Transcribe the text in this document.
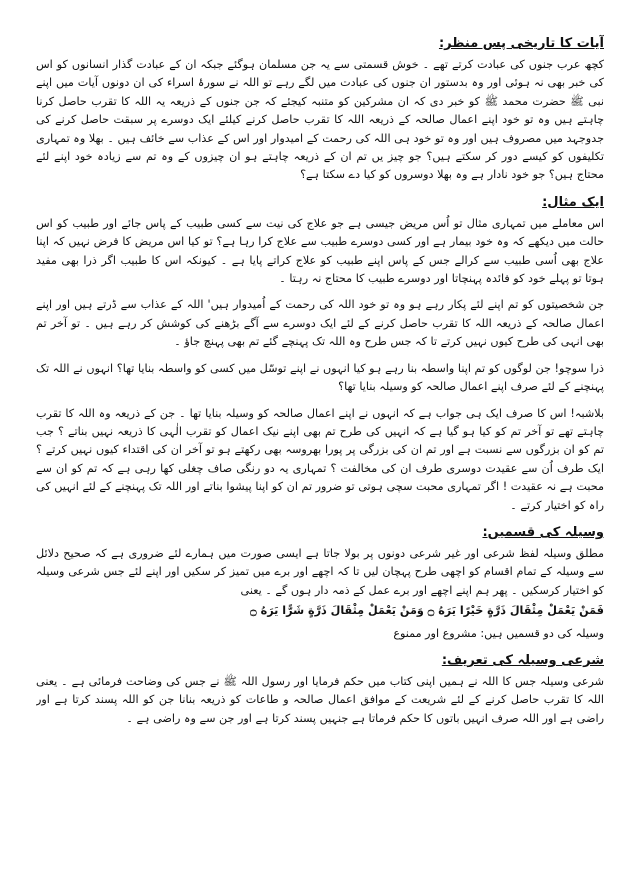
آیات کا تاریخی پس منظر:

کچھ عرب جنوں کی عبادت کرتے تھے ۔ خوش قسمتی سے یہ جن مسلمان ہوگئے جبکہ ان کے عبادت گذار انسانوں کو اس کی خبر بھی نہ ہوئی اور وہ بدستور ان جنوں کی عبادت میں لگے رہے تو اللہ نے سورۂ اسراء کی ان دونوں آیات میں اپنے نبی ﷺ حضرت محمد ﷺ کو خبر دی کہ ان مشرکین کو متنبہ کیجئے کہ جن جنوں کے ذریعہ یہ اللہ کا تقرب حاصل کرنا چاہتے ہیں وہ تو خود اپنے اعمال صالحہ کے ذریعہ اللہ کا تقرب حاصل کرنے کیلئے ایک دوسرے پر سبقت حاصل کرنے کی جدوجہد میں مصروف ہیں اور وہ تو خود ہی اللہ کی رحمت کے امیدوار اور اس کے عذاب سے خائف ہیں ۔ بھلا وہ تمہاری تکلیفوں کو کیسے دور کر سکتے ہیں؟ جو چیز یں تم ان کے ذریعہ چاہتے ہو ان چیزوں کے وہ تم سے زیادہ خود اپنے لئے محتاج ہیں؟ جو خود نادار ہے وہ بھلا دوسروں کو کیا دے سکتا ہے؟

ایک مثال:

اس معاملے میں تمہاری مثال تو اُس مریض جیسی ہے جو علاج کی نیت سے کسی طبیب کے پاس جائے اور طبیب کو اس حالت میں دیکھے کہ وہ خود بیمار ہے اور کسی دوسرے طبیب سے علاج کرا رہا ہے؟ تو کیا اس مریض کا فرض نہیں کہ اپنا علاج بھی اُسی طبیب سے کرالے جس کے پاس اپنے طبیب کو علاج کراتے پایا ہے ۔ کیونکہ اس کا طبیب اگر ذرا بھی مفید ہوتا تو پہلے خود کو فائدہ پہنچاتا اور دوسرے طبیب کا محتاج نہ رہتا ۔

جن شخصیتوں کو تم اپنے لئے پکار رہے ہو وہ تو خود اللہ کی رحمت کے اُمیدوار ہیں' اللہ کے عذاب سے ڈرتے ہیں اور اپنے اعمال صالحہ کے ذریعہ اللہ کا تقرب حاصل کرنے کے لئے ایک دوسرے سے آگے بڑھنے کی کوشش کر رہے ہیں ۔ تو آخر تم بھی انہی کی طرح کیوں نہیں کرتے تا کہ جس طرح وہ اللہ تک پہنچے گئے تم بھی پہنچ جاؤ ۔

ذرا سوچو! جن لوگوں کو تم اپنا واسطہ بنا رہے ہو کیا انہوں نے اپنے توسّل میں کسی کو واسطہ بنایا تھا؟ انہوں نے اللہ تک پہنچنے کے لئے صرف اپنے اعمال صالحہ کو وسیلہ بنایا تھا؟

بلاشبہ! اس کا صرف ایک ہی جواب ہے کہ انہوں نے اپنے اعمال صالحہ کو وسیلہ بنایا تھا ۔ جن کے ذریعہ وہ اللہ کا تقرب چاہتے تھے تو آخر تم کو کیا ہو گیا ہے کہ انہیں کی طرح تم بھی اپنے نیک اعمال کو تقرب الٰہی کا ذریعہ نہیں بناتے ؟ جب تم کو ان بزرگوں سے نسبت ہے اور تم ان کی بزرگی پر پورا بھروسہ بھی رکھتے ہو تو آخر ان کی اقتداء کیوں نہیں کرتے ؟ ایک طرف اُن سے عقیدت دوسری طرف ان کی مخالفت ؟ تمہاری یہ دو رنگی صاف چغلی کھا رہی ہے کہ تم کو ان سے محبت ہے نہ عقیدت ! اگر تمہاری محبت سچی ہوتی تو ضرور تم ان کو اپنا پیشوا بناتے اور اللہ تک پہنچنے کے لئے انہیں کی راہ کو اختیار کرتے ۔

وسیلہ کی قسمیں:

مطلق وسیلہ لفظ شرعی اور غیر شرعی دونوں پر بولا جاتا ہے ایسی صورت میں ہمارے لئے ضروری ہے کہ صحیح دلائل سے وسیلہ کے تمام اقسام کو اچھی طرح پہچان لیں تا کہ اچھے اور برے میں تمیز کر سکیں اور اپنے لئے جس شرعی وسیلہ کو اختیار کرسکیں ۔ پھر ہم اپنے اچھے اور برے عمل کے ذمہ دار ہوں گے ۔ یعنی

فَمَنْ يَعْمَلْ مِثْقَالَ ذَرَّةٍ خَيْرًا يَرَهُ ۝ وَمَنْ يَعْمَلْ مِثْقَالَ ذَرَّةٍ شَرًّا يَرَهُ ۝

وسیلہ کی دو قسمیں ہیں: مشروع اور ممنوع

شرعی وسیلہ کی تعریف:

شرعی وسیلہ جس کا اللہ نے ہمیں اپنی کتاب میں حکم فرمایا اور رسول اللہ ﷺ نے جس کی وضاحت فرمائی ہے ۔ یعنی اللہ کا تقرب حاصل کرنے کے لئے شریعت کے موافق اعمال صالحہ و طاعات کو ذریعہ بنانا جن کو اللہ پسند کرتا ہے اور راضی ہے اور اللہ صرف انہیں باتوں کا حکم فرماتا ہے جنہیں پسند کرتا ہے اور جن سے وہ راضی ہے ۔
